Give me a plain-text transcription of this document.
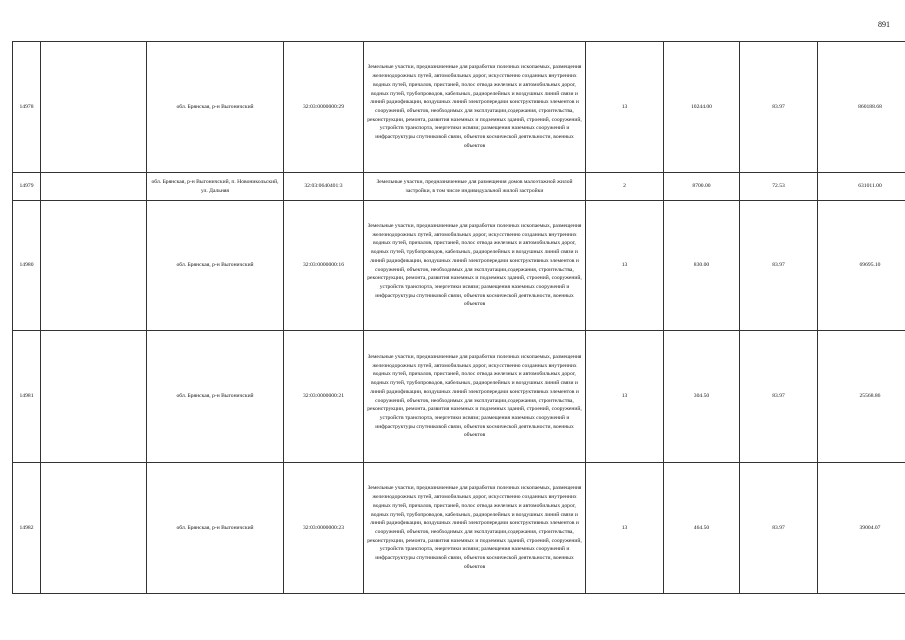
891
14978		обл. Брянская, р-н Выгоничский	32:03:0000000:29	Земельные участки, предназначенные для разработки полезных ископаемых, размещения железнодорожных путей, автомобильных дорог, искусственно созданных внутренних водных путей, причалов, пристаней, полос отвода железных и автомобильных дорог, водных путей, трубопроводов, кабельных, радиорелейных и воздушных линий связи и линий радиофикации, воздушных линий электропередачи конструктивных элементов и сооружений, объектов, необходимых для эксплуатации,содержания, строительства, реконструкции, ремонта, развития наземных и подземных зданий, строений, сооружений, устройств транспорта, энергетики иcвязи; размещения наземных сооружений и инфраструктуры спутниковой связи, объектов космической деятельности, военных объектов	13	10244.00	83.97	860188.68
14979		обл. Брянская, р-н Выгоничский, п. Новоникольский, ул. Дальняя	32:03:0640401:3	Земельные участки, предназначенные для размещения домов малоэтажной жилой застройки, в том числе индивидуальной жилой застройки	2	8700.00	72.53	631011.00
14980		обл. Брянская, р-н Выгоничский	32:03:0000000:16	Земельные участки, предназначенные для разработки полезных ископаемых, размещения железнодорожных путей, автомобильных дорог, искусственно созданных внутренних водных путей, причалов, пристаней, полос отвода железных и автомобильных дорог, водных путей, трубопроводов, кабельных, радиорелейных и воздушных линий связи и линий радиофикации, воздушных линий электропередачи конструктивных элементов и сооружений, объектов, необходимых для эксплуатации,содержания, строительства, реконструкции, ремонта, развития наземных и подземных зданий, строений, сооружений, устройств транспорта, энергетики иcвязи; размещения наземных сооружений и инфраструктуры спутниковой связи, объектов космической деятельности, военных объектов	13	830.00	83.97	69695.10
14981		обл. Брянская, р-н Выгоничский	32:03:0000000:21	Земельные участки, предназначенные для разработки полезных ископаемых, размещения железнодорожных путей, автомобильных дорог, искусственно созданных внутренних водных путей, причалов, пристаней, полос отвода железных и автомобильных дорог, водных путей, трубопроводов, кабельных, радиорелейных и воздушных линий связи и линий радиофикации, воздушных линий электропередачи конструктивных элементов и сооружений, объектов, необходимых для эксплуатации,содержания, строительства, реконструкции, ремонта, развития наземных и подземных зданий, строений, сооружений, устройств транспорта, энергетики иcвязи; размещения наземных сооружений и инфраструктуры спутниковой связи, объектов космической деятельности, военных объектов	13	304.50	83.97	25568.86
14982		обл. Брянская, р-н Выгоничский	32:03:0000000:23	Земельные участки, предназначенные для разработки полезных ископаемых, размещения железнодорожных путей, автомобильных дорог, искусственно созданных внутренних водных путей, причалов, пристаней, полос отвода железных и автомобильных дорог, водных путей, трубопроводов, кабельных, радиорелейных и воздушных линий связи и линий радиофикации, воздушных линий электропередачи конструктивных элементов и сооружений, объектов, необходимых для эксплуатации,содержания, строительства, реконструкции, ремонта, развития наземных и подземных зданий, строений, сооружений, устройств транспорта, энергетики иcвязи; размещения наземных сооружений и инфраструктуры спутниковой связи, объектов космической деятельности, военных объектов	13	464.50	83.97	39004.07
